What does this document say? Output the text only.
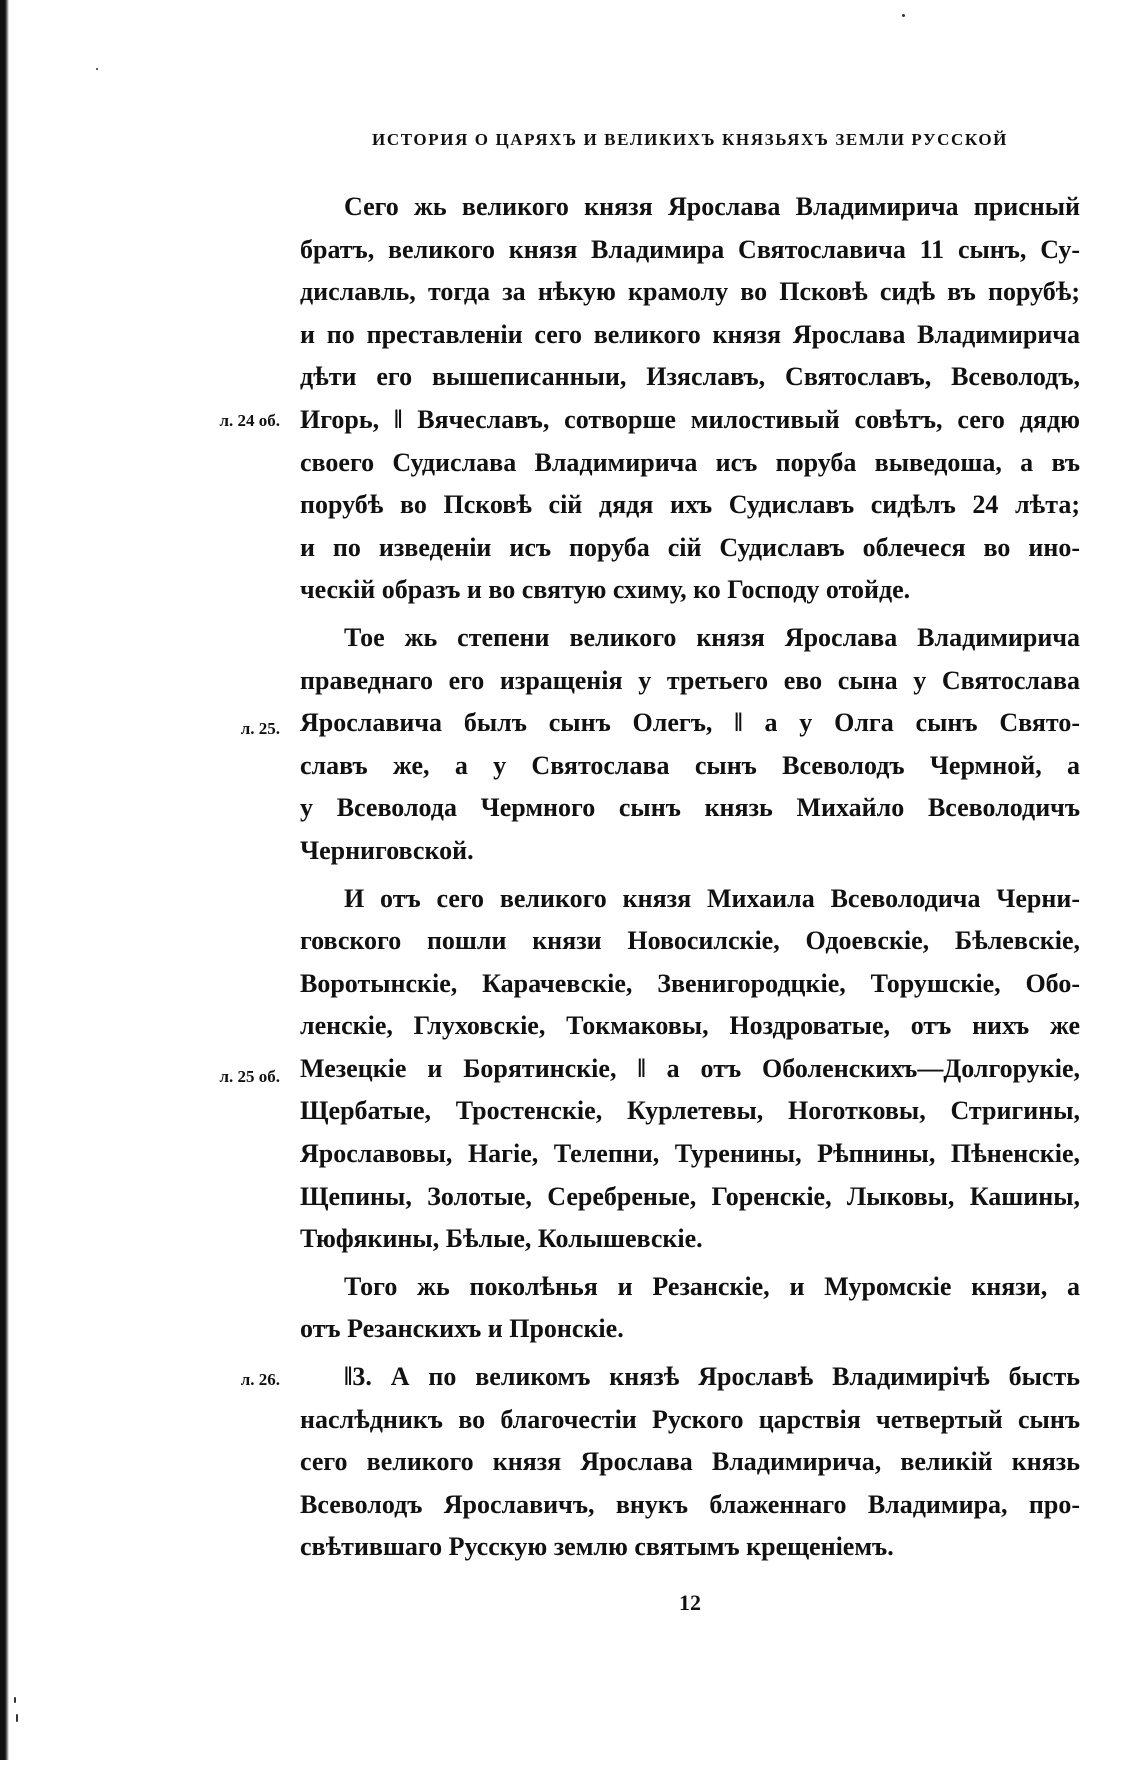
ИСТОРИЯ О ЦАРЯХЪ И ВЕЛИКИХЪ КНЯЗЬЯХЪ ЗЕМЛИ РУССКОЙ
Сего жь великого князя Ярослава Владимирича присный
братъ, великого князя Владимира Святославича 11 сынъ, Су-
диславль, тогда за нѣкую крамолу во Псковѣ сидѣ въ порубѣ;
и по преставленіи сего великого князя Ярослава Владимирича
дѣти его вышеписанныи, Изяславъ, Святославъ, Всеволодъ,
Игорь, ‖ Вячеславъ, сотворше милостивый совѣтъ, сего дядю
своего Судислава Владимирича исъ поруба выведоша, а въ
порубѣ во Псковѣ сій дядя ихъ Судиславъ сидѣлъ 24 лѣта;
и по изведеніи исъ поруба сій Судиславъ облечеся во ино-
ческій образъ и во святую схиму, ко Господу отойде.
Тое жь степени великого князя Ярослава Владимирича
праведнаго его изращенія у третьего ево сына у Святослава
Ярославича былъ сынъ Олегъ, ‖ а у Олга сынъ Свято-
славъ же, а у Святослава сынъ Всеволодъ Чермной, а
у Всеволода Чермного сынъ князь Михайло Всеволодичъ
Черниговской.
И отъ сего великого князя Михаила Всеволодича Черни-
говского пошли князи Новосилскіе, Одоевскіе, Бѣлевскіе,
Воротынскіе, Карачевскіе, Звенигородцкіе, Торушскіе, Обо-
ленскіе, Глуховскіе, Токмаковы, Ноздроватые, отъ нихъ же
Мезецкіе и Борятинскіе, ‖ а отъ Оболенскихъ—Долгорукіе,
Щербатые, Тростенскіе, Курлетевы, Ноготковы, Стригины,
Ярославовы, Нагіе, Телепни, Туренины, Рѣпнины, Пѣненскіе,
Щепины, Золотые, Серебреные, Горенскіе, Лыковы, Кашины,
Тюфякины, Бѣлые, Колышевскіе.
Того жь поколѣнья и Резанскіе, и Муромскіе князи, а
отъ Резанскихъ и Пронскіе.
‖3. А по великомъ князѣ Ярославѣ Владимирічѣ бысть
наслѣдникъ во благочестіи Руского царствія четвертый сынъ
сего великого князя Ярослава Владимирича, великій князь
Всеволодъ Ярославичъ, внукъ блаженнаго Владимира, про-
свѣтившаго Русскую землю святымъ крещеніемъ.
л. 24 об.
л. 25.
л. 25 об.
л. 26.
12
